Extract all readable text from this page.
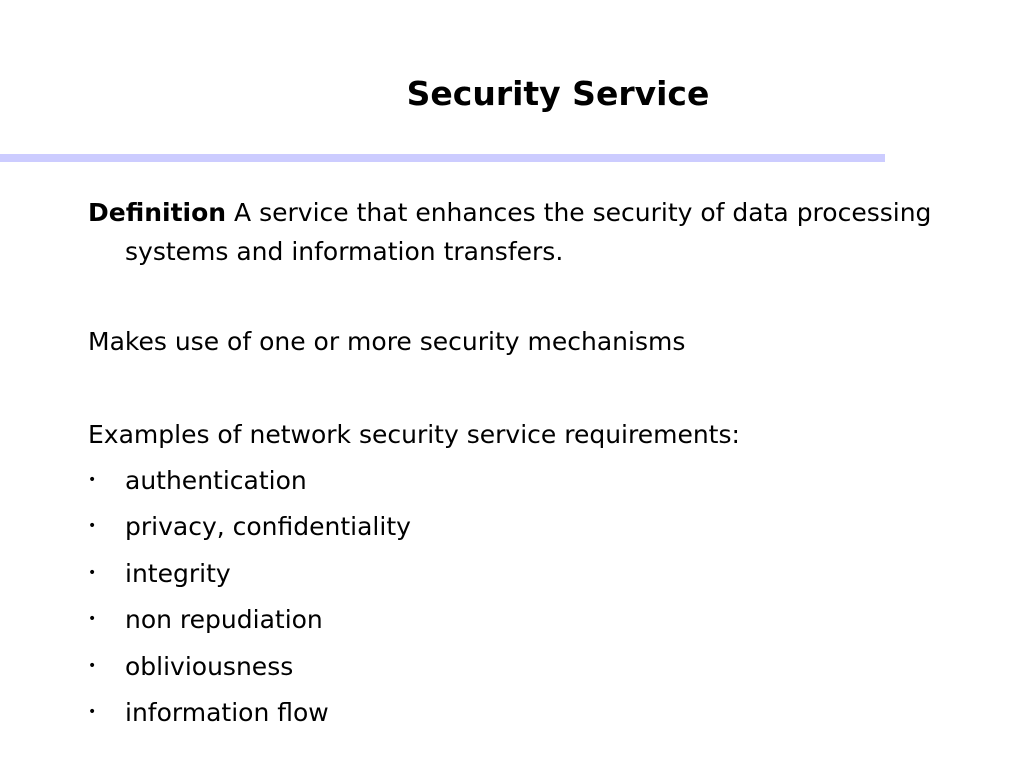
Security Service

Definition A service that enhances the security of data processing systems and information transfers.

Makes use of one or more security mechanisms

Examples of network security service requirements:

• authentication
• privacy, confidentiality
• integrity
• non repudiation
• obliviousness
• information flow
